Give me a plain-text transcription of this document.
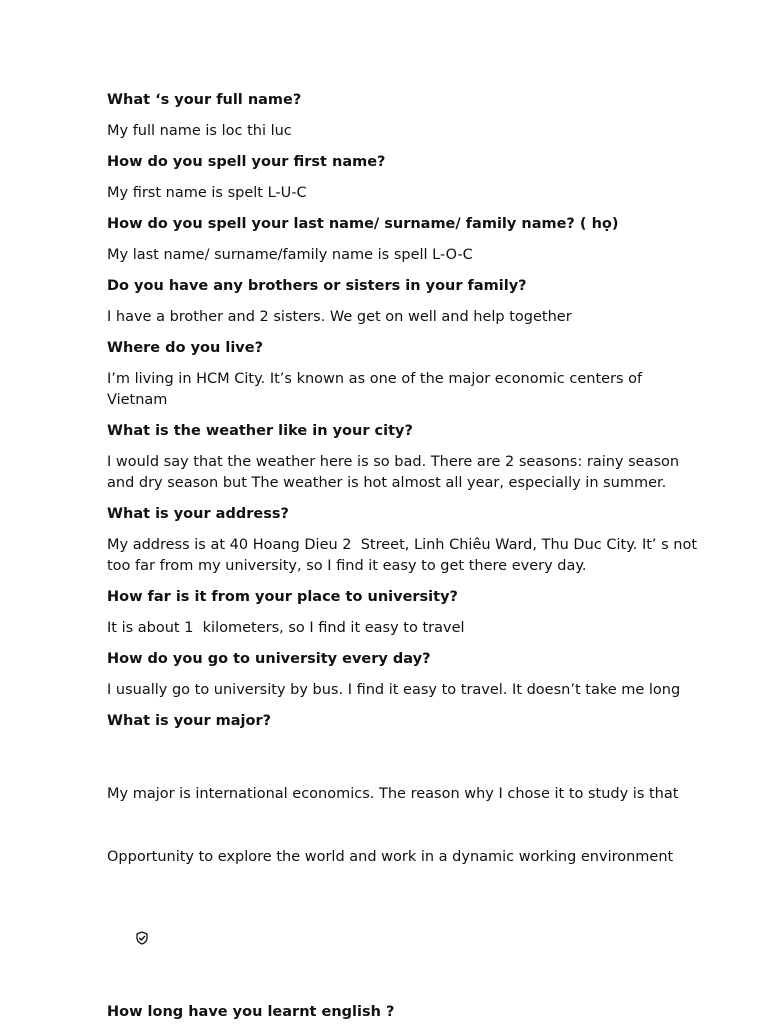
What ‘s your full name?
My full name is loc thi luc
How do you spell your first name?
My first name is spelt L-U-C
How do you spell your last name/ surname/ family name? ( họ)
My last name/ surname/family name is spell L-O-C
Do you have any brothers or sisters in your family?
I have a brother and 2 sisters. We get on well and help together
Where do you live?
I’m living in HCM City. It’s known as one of the major economic centers of Vietnam
What is the weather like in your city?
I would say that the weather here is so bad. There are 2 seasons: rainy season and dry season but The weather is hot almost all year, especially in summer.
What is your address?
My address is at 40 Hoang Dieu 2  Street, Linh Chiêu Ward, Thu Duc City. It’ s not too far from my university, so I find it easy to get there every day.
How far is it from your place to university?
It is about 1  kilometers, so I find it easy to travel
How do you go to university every day?
I usually go to university by bus. I find it easy to travel. It doesn’t take me long
What is your major?

My major is international economics. The reason why I chose it to study is that

Opportunity to explore the world and work in a dynamic working environment

How long have you learnt english ?
